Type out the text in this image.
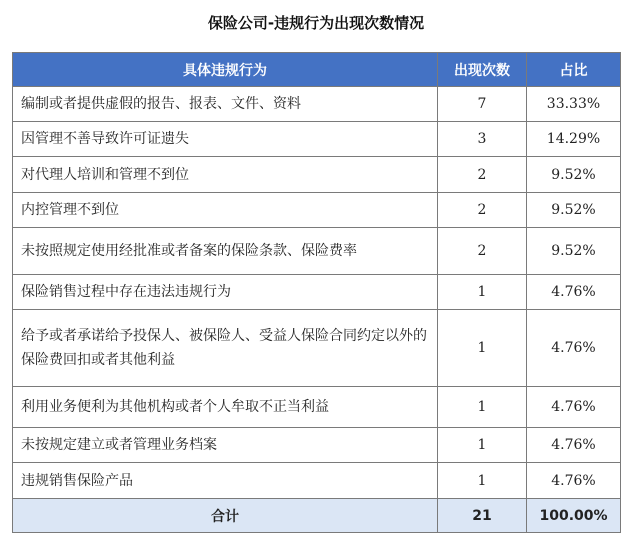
保险公司-违规行为出现次数情况
具体违规行为	出现次数	占比
编制或者提供虚假的报告、报表、文件、资料	7	33.33%
因管理不善导致许可证遗失	3	14.29%
对代理人培训和管理不到位	2	9.52%
内控管理不到位	2	9.52%
未按照规定使用经批准或者备案的保险条款、保险费率	2	9.52%
保险销售过程中存在违法违规行为	1	4.76%
给予或者承诺给予投保人、被保险人、受益人保险合同约定以外的保险费回扣或者其他利益	1	4.76%
利用业务便利为其他机构或者个人牟取不正当利益	1	4.76%
未按规定建立或者管理业务档案	1	4.76%
违规销售保险产品	1	4.76%
合计	21	100.00%
